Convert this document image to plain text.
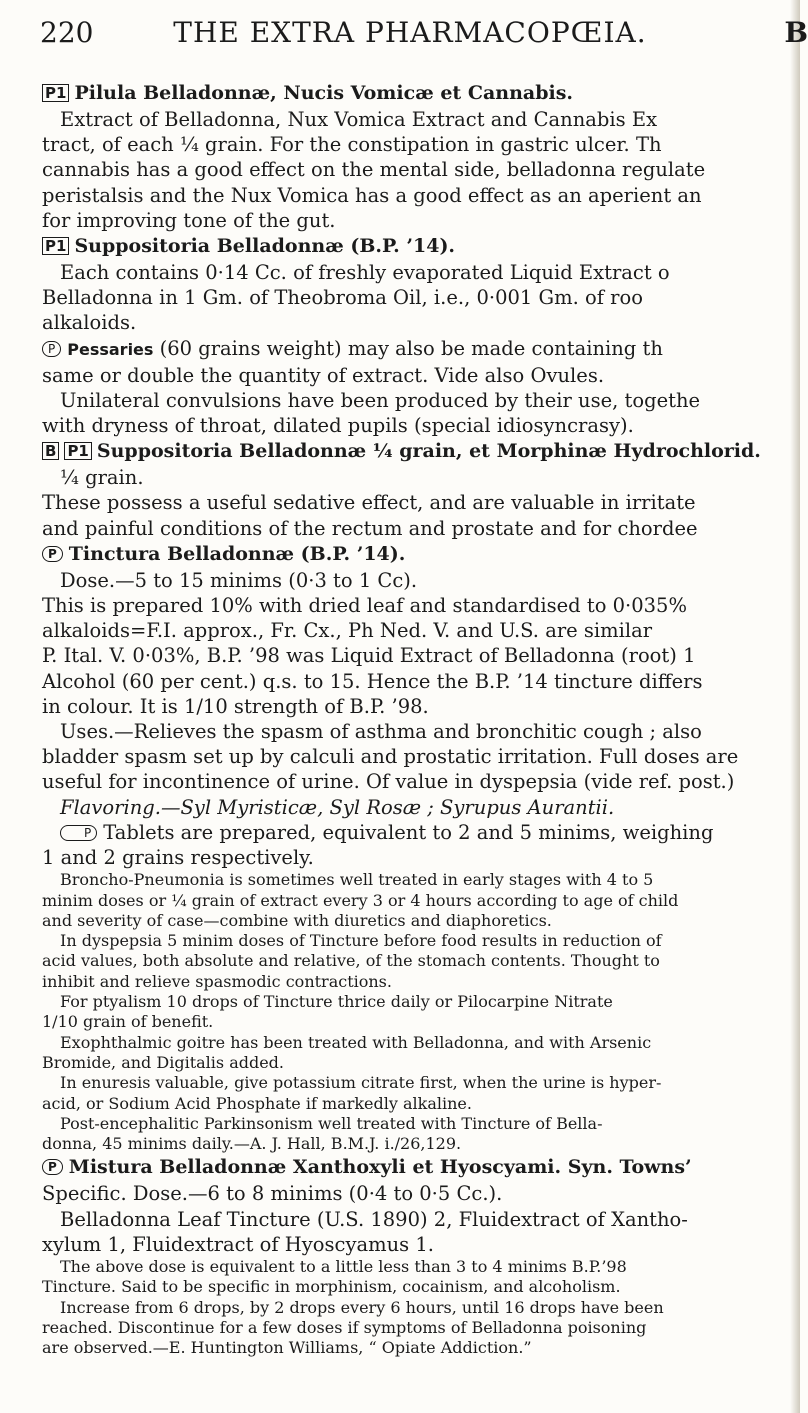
220	THE EXTRA PHARMACOPŒIA.	B

P1 Pilula Belladonnæ, Nucis Vomicæ et Cannabis.

Extract of Belladonna, Nux Vomica Extract and Cannabis Ex

tract, of each ¼ grain. For the constipation in gastric ulcer. Th

cannabis has a good effect on the mental side, belladonna regulate

peristalsis and the Nux Vomica has a good effect as an aperient an

for improving tone of the gut.

P1 Suppositoria Belladonnæ (B.P. ’14).

Each contains 0·14 Cc. of freshly evaporated Liquid Extract o

Belladonna in 1 Gm. of Theobroma Oil, i.e., 0·001 Gm. of roo

alkaloids.

P Pessaries (60 grains weight) may also be made containing th

same or double the quantity of extract. Vide also Ovules.

Unilateral convulsions have been produced by their use, togethe

with dryness of throat, dilated pupils (special idiosyncrasy).

B P1 Suppositoria Belladonnæ ¼ grain, et Morphinæ Hydrochlorid.

¼ grain.

These possess a useful sedative effect, and are valuable in irritate

and painful conditions of the rectum and prostate and for chordee

P Tinctura Belladonnæ (B.P. ’14).

Dose.—5 to 15 minims (0·3 to 1 Cc).

This is prepared 10% with dried leaf and standardised to 0·035%

alkaloids=F.I. approx., Fr. Cx., Ph Ned. V. and U.S. are similar

P. Ital. V. 0·03%, B.P. ’98 was Liquid Extract of Belladonna (root) 1

Alcohol (60 per cent.) q.s. to 15. Hence the B.P. ’14 tincture differs

in colour. It is 1/10 strength of B.P. ’98.

Uses.—Relieves the spasm of asthma and bronchitic cough ; also

bladder spasm set up by calculi and prostatic irritation. Full doses are

useful for incontinence of urine. Of value in dyspepsia (vide ref. post.)

Flavoring.—Syl Myristicæ, Syl Rosæ ; Syrupus Aurantii.

P Tablets are prepared, equivalent to 2 and 5 minims, weighing

1 and 2 grains respectively.

Broncho-Pneumonia is sometimes well treated in early stages with 4 to 5

minim doses or ¼ grain of extract every 3 or 4 hours according to age of child

and severity of case—combine with diuretics and diaphoretics.

In dyspepsia 5 minim doses of Tincture before food results in reduction of

acid values, both absolute and relative, of the stomach contents. Thought to

inhibit and relieve spasmodic contractions.

For ptyalism 10 drops of Tincture thrice daily or Pilocarpine Nitrate

1/10 grain of benefit.

Exophthalmic goitre has been treated with Belladonna, and with Arsenic

Bromide, and Digitalis added.

In enuresis valuable, give potassium citrate first, when the urine is hyper-

acid, or Sodium Acid Phosphate if markedly alkaline.

Post-encephalitic Parkinsonism well treated with Tincture of Bella-

donna, 45 minims daily.—A. J. Hall, B.M.J. i./26,129.

P Mistura Belladonnæ Xanthoxyli et Hyoscyami. Syn. Towns’

Specific. Dose.—6 to 8 minims (0·4 to 0·5 Cc.).

Belladonna Leaf Tincture (U.S. 1890) 2, Fluidextract of Xantho-

xylum 1, Fluidextract of Hyoscyamus 1.

The above dose is equivalent to a little less than 3 to 4 minims B.P.’98

Tincture. Said to be specific in morphinism, cocainism, and alcoholism.

Increase from 6 drops, by 2 drops every 6 hours, until 16 drops have been

reached. Discontinue for a few doses if symptoms of Belladonna poisoning

are observed.—E. Huntington Williams, “ Opiate Addiction.”
